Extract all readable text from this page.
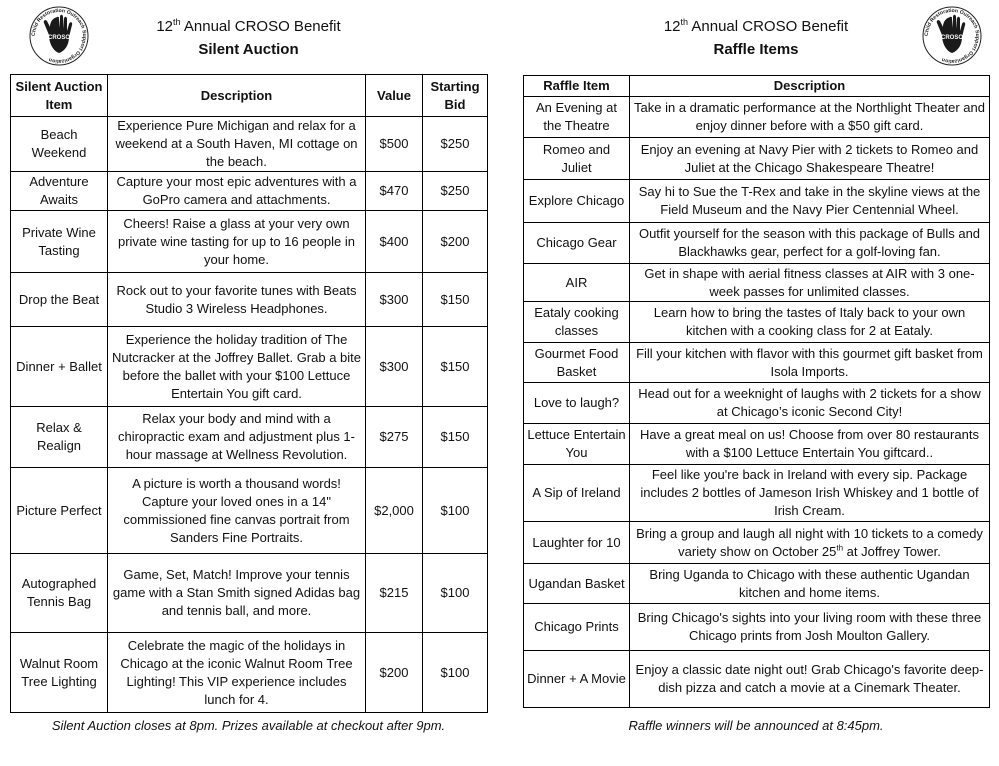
Child Restoration Outreach Support Organization
CROSO
12th Annual CROSO Benefit
Silent Auction
Silent Auction Item	Description	Value	Starting Bid
Beach Weekend	Experience Pure Michigan and relax for a weekend at a South Haven, MI cottage on the beach.	$500	$250
Adventure Awaits	Capture your most epic adventures with a GoPro camera and attachments.	$470	$250
Private Wine Tasting	Cheers! Raise a glass at your very own private wine tasting for up to 16 people in your home.	$400	$200
Drop the Beat	Rock out to your favorite tunes with Beats Studio 3 Wireless Headphones.	$300	$150
Dinner + Ballet	Experience the holiday tradition of The Nutcracker at the Joffrey Ballet. Grab a bite before the ballet with your $100 Lettuce Entertain You gift card.	$300	$150
Relax & Realign	Relax your body and mind with a chiropractic exam and adjustment plus 1-hour massage at Wellness Revolution.	$275	$150
Picture Perfect	A picture is worth a thousand words! Capture your loved ones in a 14" commissioned fine canvas portrait from Sanders Fine Portraits.	$2,000	$100
Autographed Tennis Bag	Game, Set, Match! Improve your tennis game with a Stan Smith signed Adidas bag and tennis ball, and more.	$215	$100
Walnut Room Tree Lighting	Celebrate the magic of the holidays in Chicago at the iconic Walnut Room Tree Lighting! This VIP experience includes lunch for 4.	$200	$100
Silent Auction closes at 8pm. Prizes available at checkout after 9pm.
Child Restoration Outreach Support Organization
CROSO
12th Annual CROSO Benefit
Raffle Items
Raffle Item	Description
An Evening at the Theatre	Take in a dramatic performance at the Northlight Theater and enjoy dinner before with a $50 gift card.
Romeo and Juliet	Enjoy an evening at Navy Pier with 2 tickets to Romeo and Juliet at the Chicago Shakespeare Theatre!
Explore Chicago	Say hi to Sue the T-Rex and take in the skyline views at the Field Museum and the Navy Pier Centennial Wheel.
Chicago Gear	Outfit yourself for the season with this package of Bulls and Blackhawks gear, perfect for a golf-loving fan.
AIR	Get in shape with aerial fitness classes at AIR with 3 one-week passes for unlimited classes.
Eataly cooking classes	Learn how to bring the tastes of Italy back to your own kitchen with a cooking class for 2 at Eataly.
Gourmet Food Basket	Fill your kitchen with flavor with this gourmet gift basket from Isola Imports.
Love to laugh?	Head out for a weeknight of laughs with 2 tickets for a show at Chicago’s iconic Second City!
Lettuce Entertain You	Have a great meal on us! Choose from over 80 restaurants with a $100 Lettuce Entertain You giftcard..
A Sip of Ireland	Feel like you're back in Ireland with every sip. Package includes 2 bottles of Jameson Irish Whiskey and 1 bottle of Irish Cream.
Laughter for 10	Bring a group and laugh all night with 10 tickets to a comedy variety show on October 25th at Joffrey Tower.
Ugandan Basket	Bring Uganda to Chicago with these authentic Ugandan kitchen and home items.
Chicago Prints	Bring Chicago's sights into your living room with these three Chicago prints from Josh Moulton Gallery.
Dinner + A Movie	Enjoy a classic date night out! Grab Chicago's favorite deep-dish pizza and catch a movie at a Cinemark Theater.
Raffle winners will be announced at 8:45pm.
